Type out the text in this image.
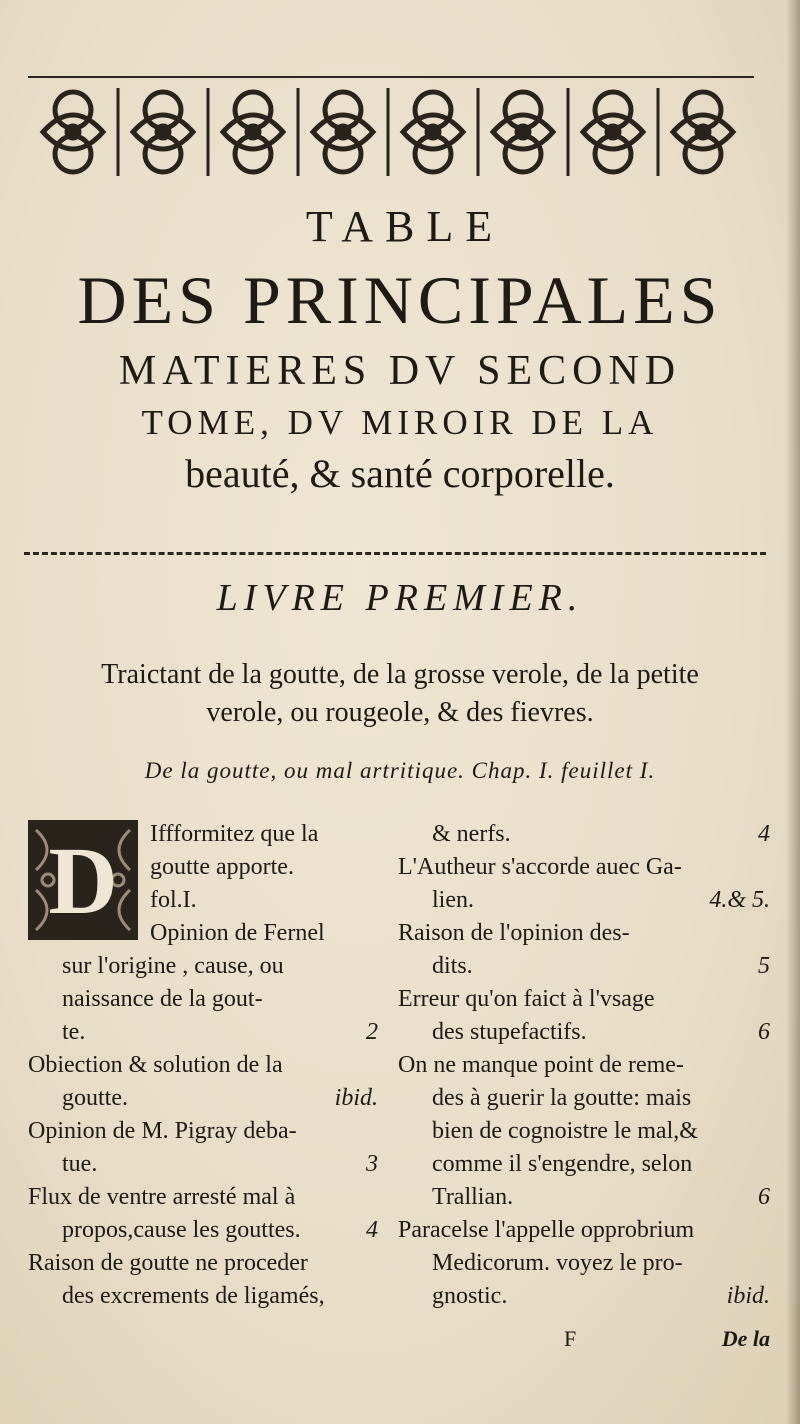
TABLE
DES PRINCIPALES
MATIERES DV SECOND
TOME, DV MIROIR DE LA
beauté, & santé corporelle.
LIVRE PREMIER.
Traictant de la goutte, de la grosse verole, de la petite
verole, ou rougeole, & des fievres.
De la goutte, ou mal artritique. Chap. I. feuillet I.
D	Iffformitez que la
goutte apporte.
fol.I.
Opinion de Fernel
sur l'origine , cause, ou
naissance de la gout-
te.	2
Obiection & solution de la
goutte.	ibid.
Opinion de M. Pigray deba-
tue.	3
Flux de ventre arresté mal à
propos,cause les gouttes.	4
Raison de goutte ne proceder
des excrements de ligamés,
& nerfs.	4
L'Autheur s'accorde auec Ga-
lien.	4.& 5.
Raison de l'opinion des-
dits.	5
Erreur qu'on faict à l'vsage
des stupefactifs.	6
On ne manque point de reme-
des à guerir la goutte: mais
bien de cognoistre le mal,&
comme il s'engendre, selon
Trallian.	6
Paracelse l'appelle opprobrium
Medicorum. voyez le pro-
gnostic.	ibid.
F	De la
